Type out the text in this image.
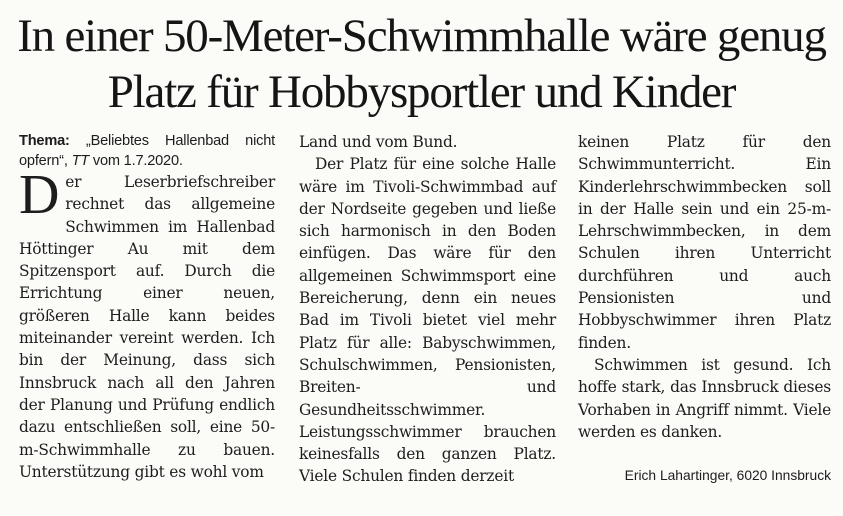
In einer 50-Meter-Schwimmhalle wäre genug Platz für Hobbysportler und Kinder

Thema: „Beliebtes Hallenbad nicht opfern“, TT vom 1.7.2020.

Der Leserbriefschreiber rechnet das allgemeine Schwimmen im Hallenbad Höttinger Au mit dem Spitzensport auf. Durch die Errichtung einer neuen, größeren Halle kann beides miteinander vereint werden. Ich bin der Meinung, dass sich Innsbruck nach all den Jahren der Planung und Prüfung endlich dazu entschließen soll, eine 50-m-Schwimmhalle zu bauen. Unterstützung gibt es wohl vom

Land und vom Bund.

Der Platz für eine solche Halle wäre im Tivoli-Schwimmbad auf der Nordseite gegeben und ließe sich harmonisch in den Boden einfügen. Das wäre für den allgemeinen Schwimmsport eine Bereicherung, denn ein neues Bad im Tivoli bietet viel mehr Platz für alle: Babyschwimmen, Schulschwimmen, Pensionisten, Breiten- und Gesundheitsschwimmer. Leistungsschwimmer brauchen keinesfalls den ganzen Platz. Viele Schulen finden derzeit

keinen Platz für den Schwimmunterricht. Ein Kinderlehrschwimmbecken soll in der Halle sein und ein 25-m-Lehrschwimmbecken, in dem Schulen ihren Unterricht durchführen und auch Pensionisten und Hobbyschwimmer ihren Platz finden.

Schwimmen ist gesund. Ich hoffe stark, das Innsbruck dieses Vorhaben in Angriff nimmt. Viele werden es danken.

Erich Lahartinger, 6020 Innsbruck
